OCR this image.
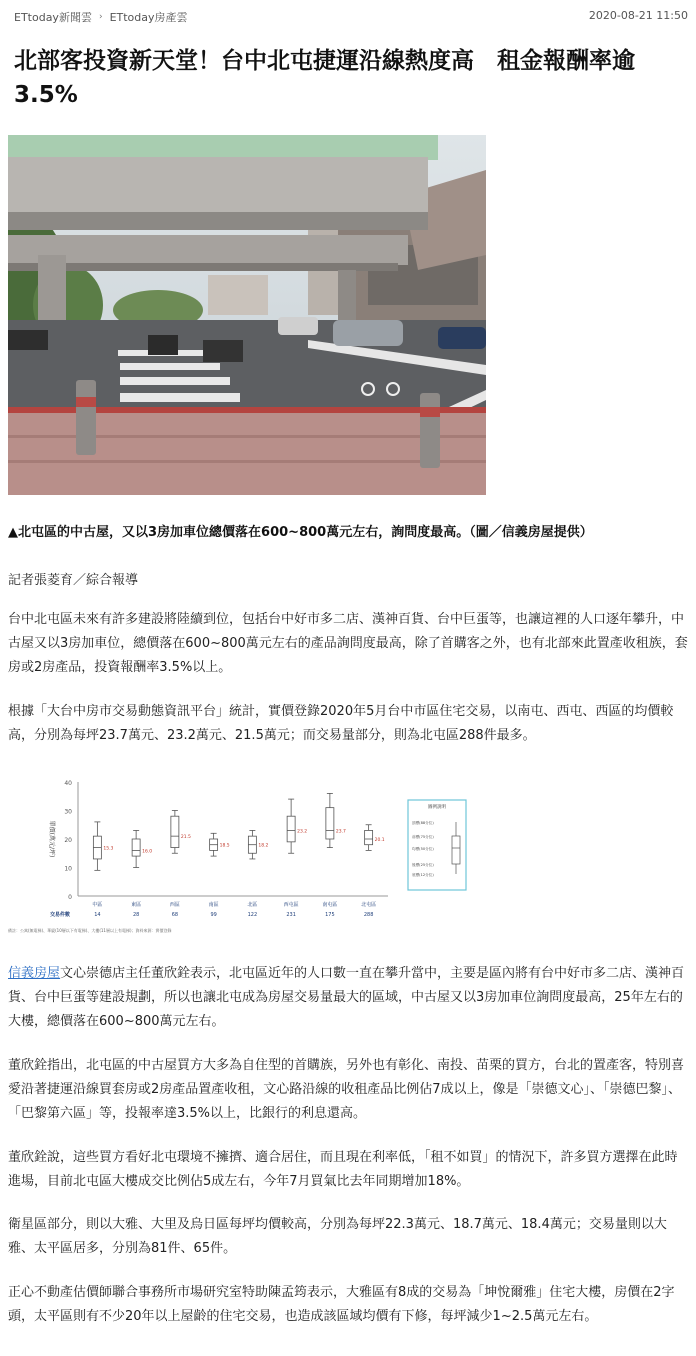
ETtoday新聞雲 › ETtoday房產雲	2020-08-21 11:50
北部客投資新天堂！台中北屯捷運沿線熱度高　租金報酬率逾3.5%
▲北屯區的中古屋，又以3房加車位總價落在600~800萬元左右，詢問度最高。（圖／信義房屋提供）
記者張菱育／綜合報導

台中北屯區未來有許多建設將陸續到位，包括台中好市多二店、漢神百貨、台中巨蛋等，也讓這裡的人口逐年攀升，中古屋又以3房加車位，總價落在600~800萬元左右的產品詢問度最高，除了首購客之外，也有北部來此置產收租族，套房或2房產品，投資報酬率3.5%以上。

根據「大台中房市交易動態資訊平台」統計，實價登錄2020年5月台中市區住宅交易，以南屯、西屯、西區的均價較高，分別為每坪23.7萬元、23.2萬元、21.5萬元；而交易量部分，則為北屯區288件最多。

0
10
20
30
40
單價(萬元/坪)	15.3
中區
14
16.0
東區
28
21.5
西區
68
18.5
南區
99
18.2
北區
122
23.2
西屯區
231
23.7
南屯區
175
20.1
北屯區
288
交易件數
圖例說明
頂標(88分位)
前標(75分位)
均標(50分位)
後標(25分位)
底標(12分位)
備註：公寓(無電梯)、華廈(10層以下有電梯)、大樓(11層以上有電梯)；資料來源：實價登錄

信義房屋文心崇德店主任董欣銓表示，北屯區近年的人口數一直在攀升當中，主要是區內將有台中好市多二店、漢神百貨、台中巨蛋等建設規劃，所以也讓北屯成為房屋交易量最大的區域，中古屋又以3房加車位詢問度最高，25年左右的大樓，總價落在600~800萬元左右。

董欣銓指出，北屯區的中古屋買方大多為自住型的首購族，另外也有彰化、南投、苗栗的買方，台北的置產客，特別喜愛沿著捷運沿線買套房或2房產品置產收租，文心路沿線的收租產品比例佔7成以上，像是「崇德文心」、「崇德巴黎」、「巴黎第六區」等，投報率達3.5%以上，比銀行的利息還高。

董欣銓說，這些買方看好北屯環境不擁擠、適合居住，而且現在利率低，「租不如買」的情況下，許多買方選擇在此時進場，目前北屯區大樓成交比例佔5成左右，今年7月買氣比去年同期增加18%。

衛星區部分，則以大雅、大里及烏日區每坪均價較高，分別為每坪22.3萬元、18.7萬元、18.4萬元；交易量則以大雅、太平區居多，分別為81件、65件。

正心不動產估價師聯合事務所市場研究室特助陳孟筠表示，大雅區有8成的交易為「坤悅爾雅」住宅大樓，房價在2字頭，太平區則有不少20年以上屋齡的住宅交易，也造成該區域均價有下修，每坪減少1~2.5萬元左右。
